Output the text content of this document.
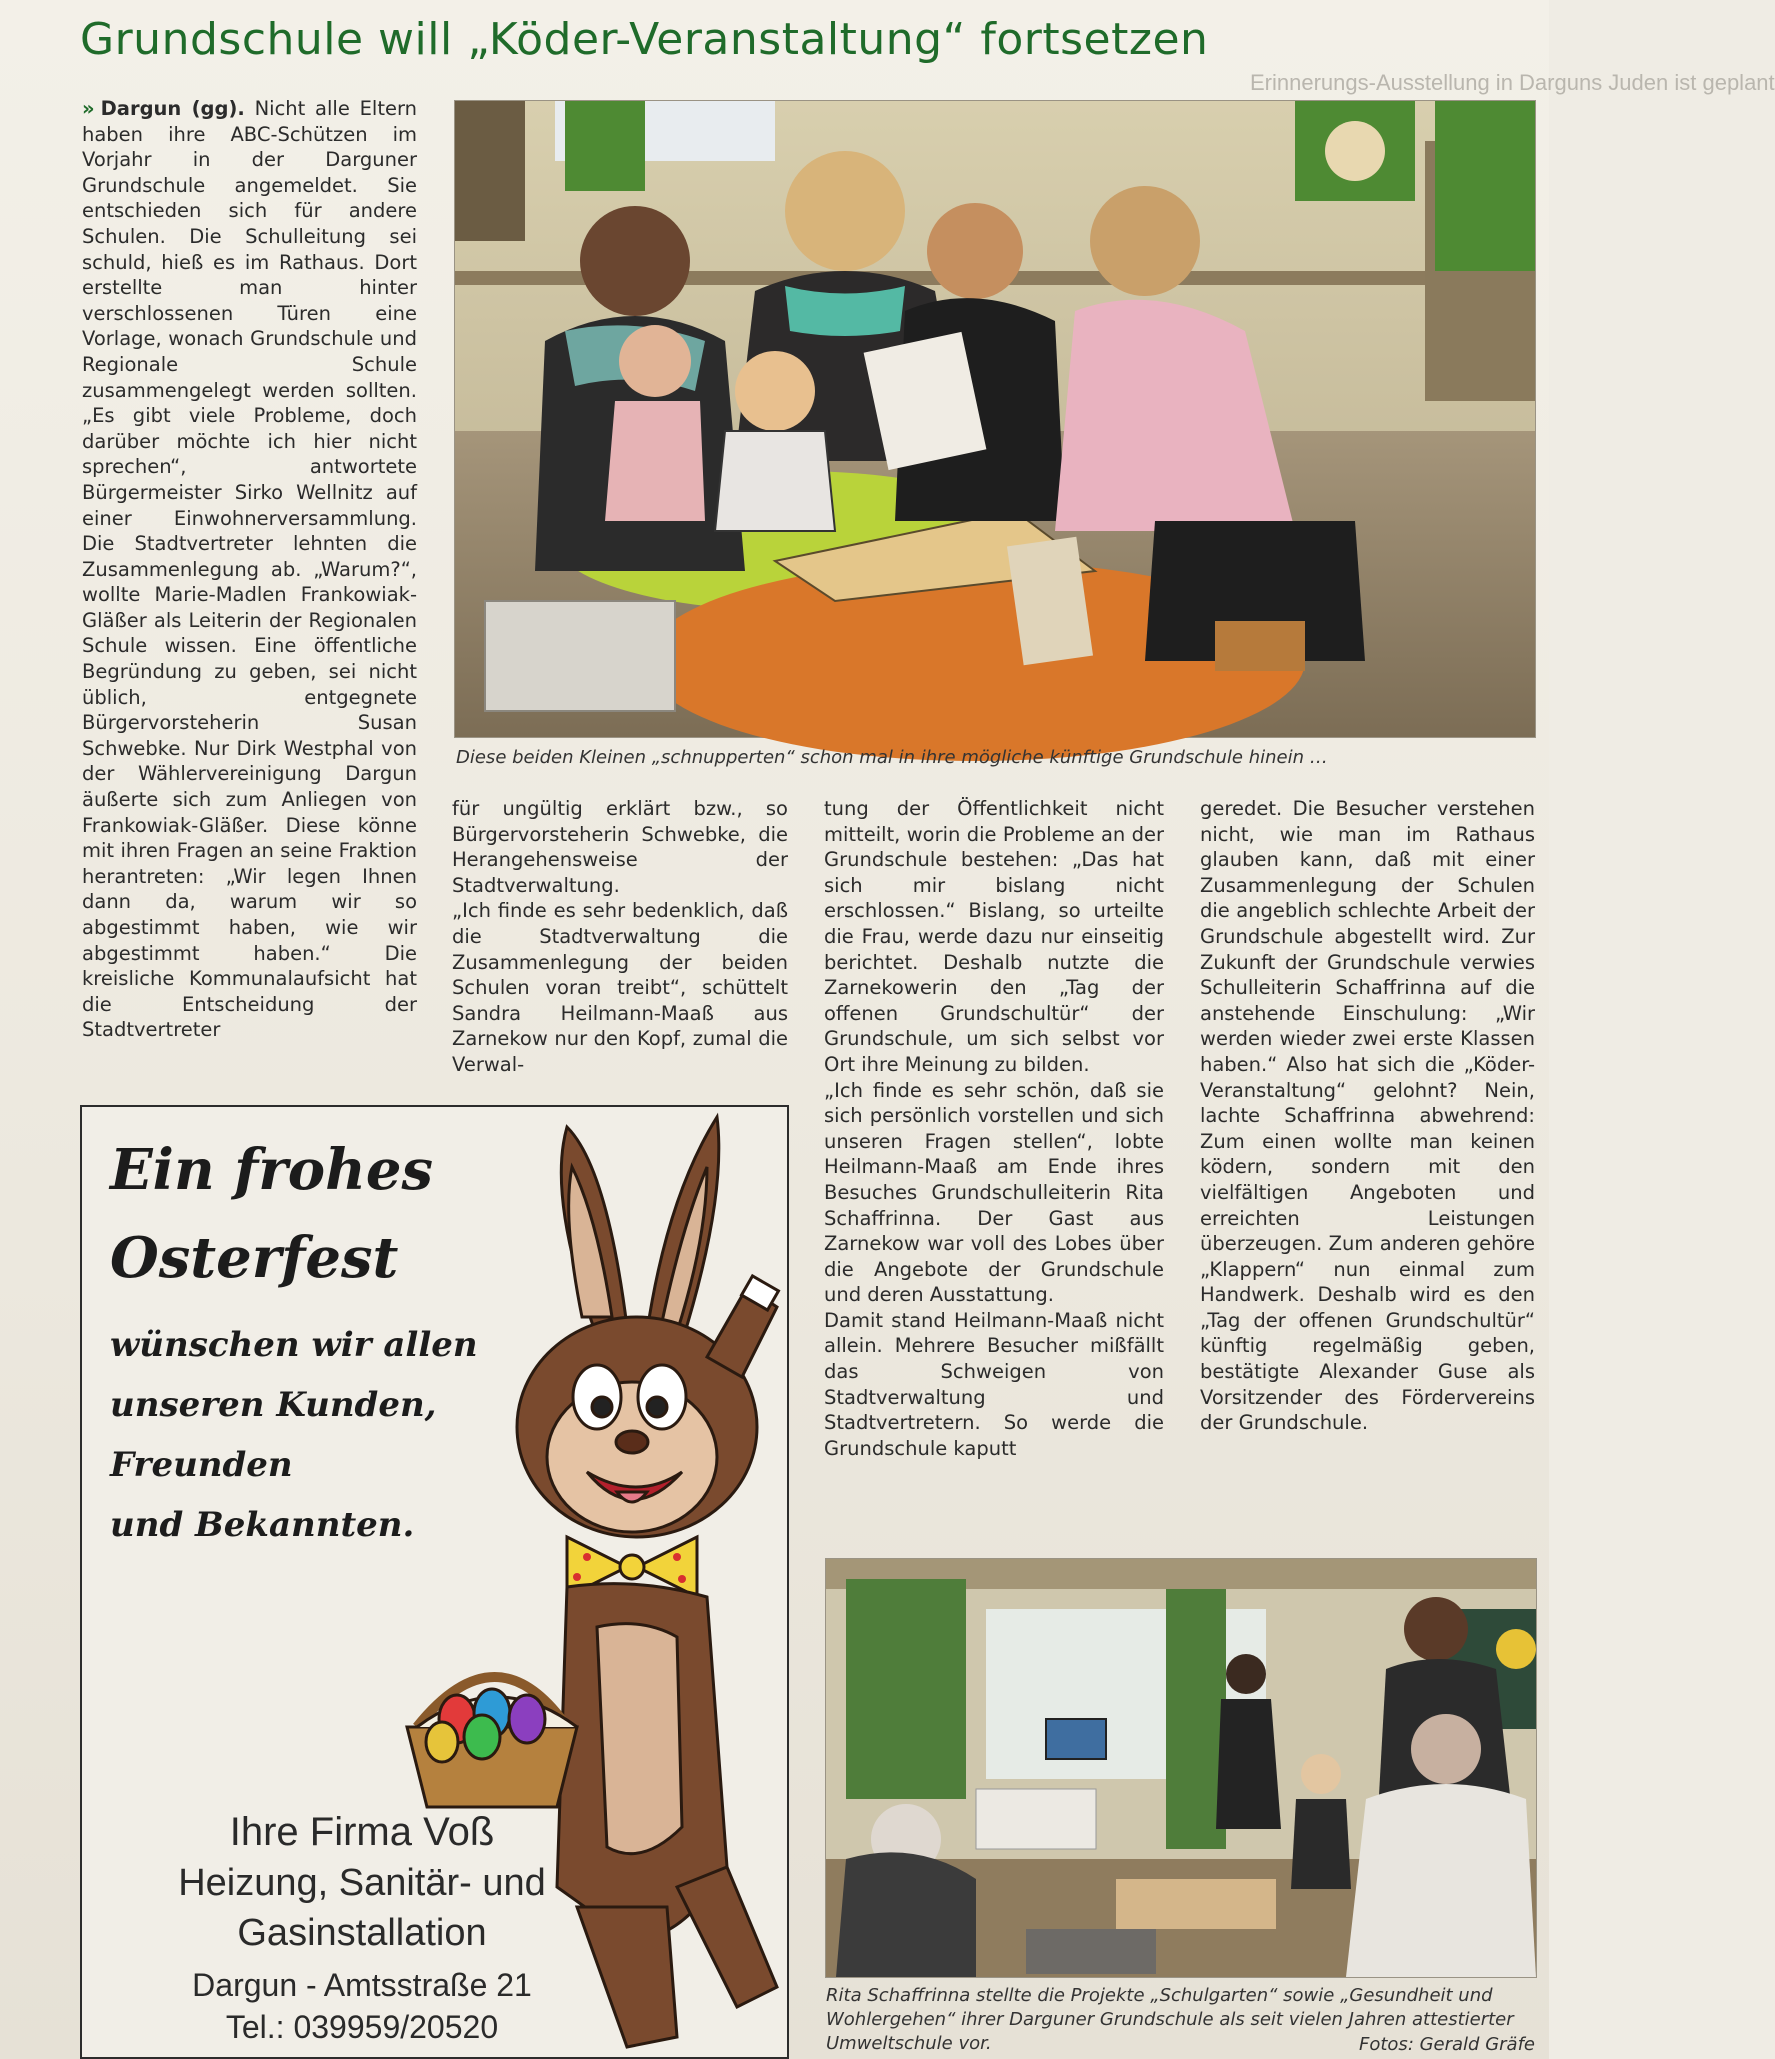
Grundschule will „Köder-Veranstaltung“ fortsetzen
Erinnerungs-Ausstellung in Darguns Juden ist geplant

» Dargun (gg). Nicht alle Eltern haben ihre ABC-Schützen im Vorjahr in der Darguner Grundschule angemeldet. Sie entschieden sich für andere Schulen. Die Schulleitung sei schuld, hieß es im Rathaus. Dort erstellte man hinter verschlossenen Türen eine Vorlage, wonach Grundschule und Regionale Schule zusammengelegt werden sollten. „Es gibt viele Probleme, doch darüber möchte ich hier nicht sprechen“, antwortete Bürgermeister Sirko Wellnitz auf einer Einwohnerversammlung. Die Stadtvertreter lehnten die Zusammenlegung ab. „Warum?“, wollte Marie-Madlen Frankowiak-Gläßer als Leiterin der Regionalen Schule wissen. Eine öffentliche Begründung zu geben, sei nicht üblich, entgegnete Bürgervorsteherin Susan Schwebke. Nur Dirk Westphal von der Wählervereinigung Dargun äußerte sich zum Anliegen von Frankowiak-Gläßer. Diese könne mit ihren Fragen an seine Fraktion herantreten: „Wir legen Ihnen dann da, warum wir so abgestimmt haben, wie wir abgestimmt haben.“ Die kreisliche Kommunalaufsicht hat die Entscheidung der Stadtvertreter

Diese beiden Kleinen „schnupperten“ schon mal in ihre mögliche künftige Grundschule hinein …

für ungültig erklärt bzw., so Bürgervorsteherin Schwebke, die Herangehensweise der Stadtverwaltung.

„Ich finde es sehr bedenklich, daß die Stadtverwaltung die Zusammenlegung der beiden Schulen voran treibt“, schüttelt Sandra Heilmann-Maaß aus Zarnekow nur den Kopf, zumal die Verwal-

tung der Öffentlichkeit nicht mitteilt, worin die Probleme an der Grundschule bestehen: „Das hat sich mir bislang nicht erschlossen.“ Bislang, so urteilte die Frau, werde dazu nur einseitig berichtet. Deshalb nutzte die Zarnekowerin den „Tag der offenen Grundschultür“ der Grundschule, um sich selbst vor Ort ihre Meinung zu bilden.

„Ich finde es sehr schön, daß sie sich persönlich vorstellen und sich unseren Fragen stellen“, lobte Heilmann-Maaß am Ende ihres Besuches Grundschulleiterin Rita Schaffrinna. Der Gast aus Zarnekow war voll des Lobes über die Angebote der Grundschule und deren Ausstattung.

Damit stand Heilmann-Maaß nicht allein. Mehrere Besucher mißfällt das Schweigen von Stadtverwaltung und Stadtvertretern. So werde die Grundschule kaputt

geredet. Die Besucher verstehen nicht, wie man im Rathaus glauben kann, daß mit einer Zusammenlegung der Schulen die angeblich schlechte Arbeit der Grundschule abgestellt wird. Zur Zukunft der Grundschule verwies Schulleiterin Schaffrinna auf die anstehende Einschulung: „Wir werden wieder zwei erste Klassen haben.“ Also hat sich die „Köder-Veranstaltung“ gelohnt? Nein, lachte Schaffrinna abwehrend: Zum einen wollte man keinen ködern, sondern mit den vielfältigen Angeboten und erreichten Leistungen überzeugen. Zum anderen gehöre „Klappern“ nun einmal zum Handwerk. Deshalb wird es den „Tag der offenen Grundschultür“ künftig regelmäßig geben, bestätigte Alexander Guse als Vorsitzender des Fördervereins der Grundschule.

Rita Schaffrinna stellte die Projekte „Schulgarten“ sowie „Gesundheit und Wohlergehen“ ihrer Darguner Grundschule als seit vielen Jahren attestierter Umweltschule vor.	Fotos: Gerald Gräfe
Ein frohes
Osterfest
wünschen wir allen
unseren Kunden,
Freunden
und Bekannten.
Ihre Firma Voß
Heizung, Sanitär- und
Gasinstallation
Dargun - Amtsstraße 21
Tel.: 039959/20520
